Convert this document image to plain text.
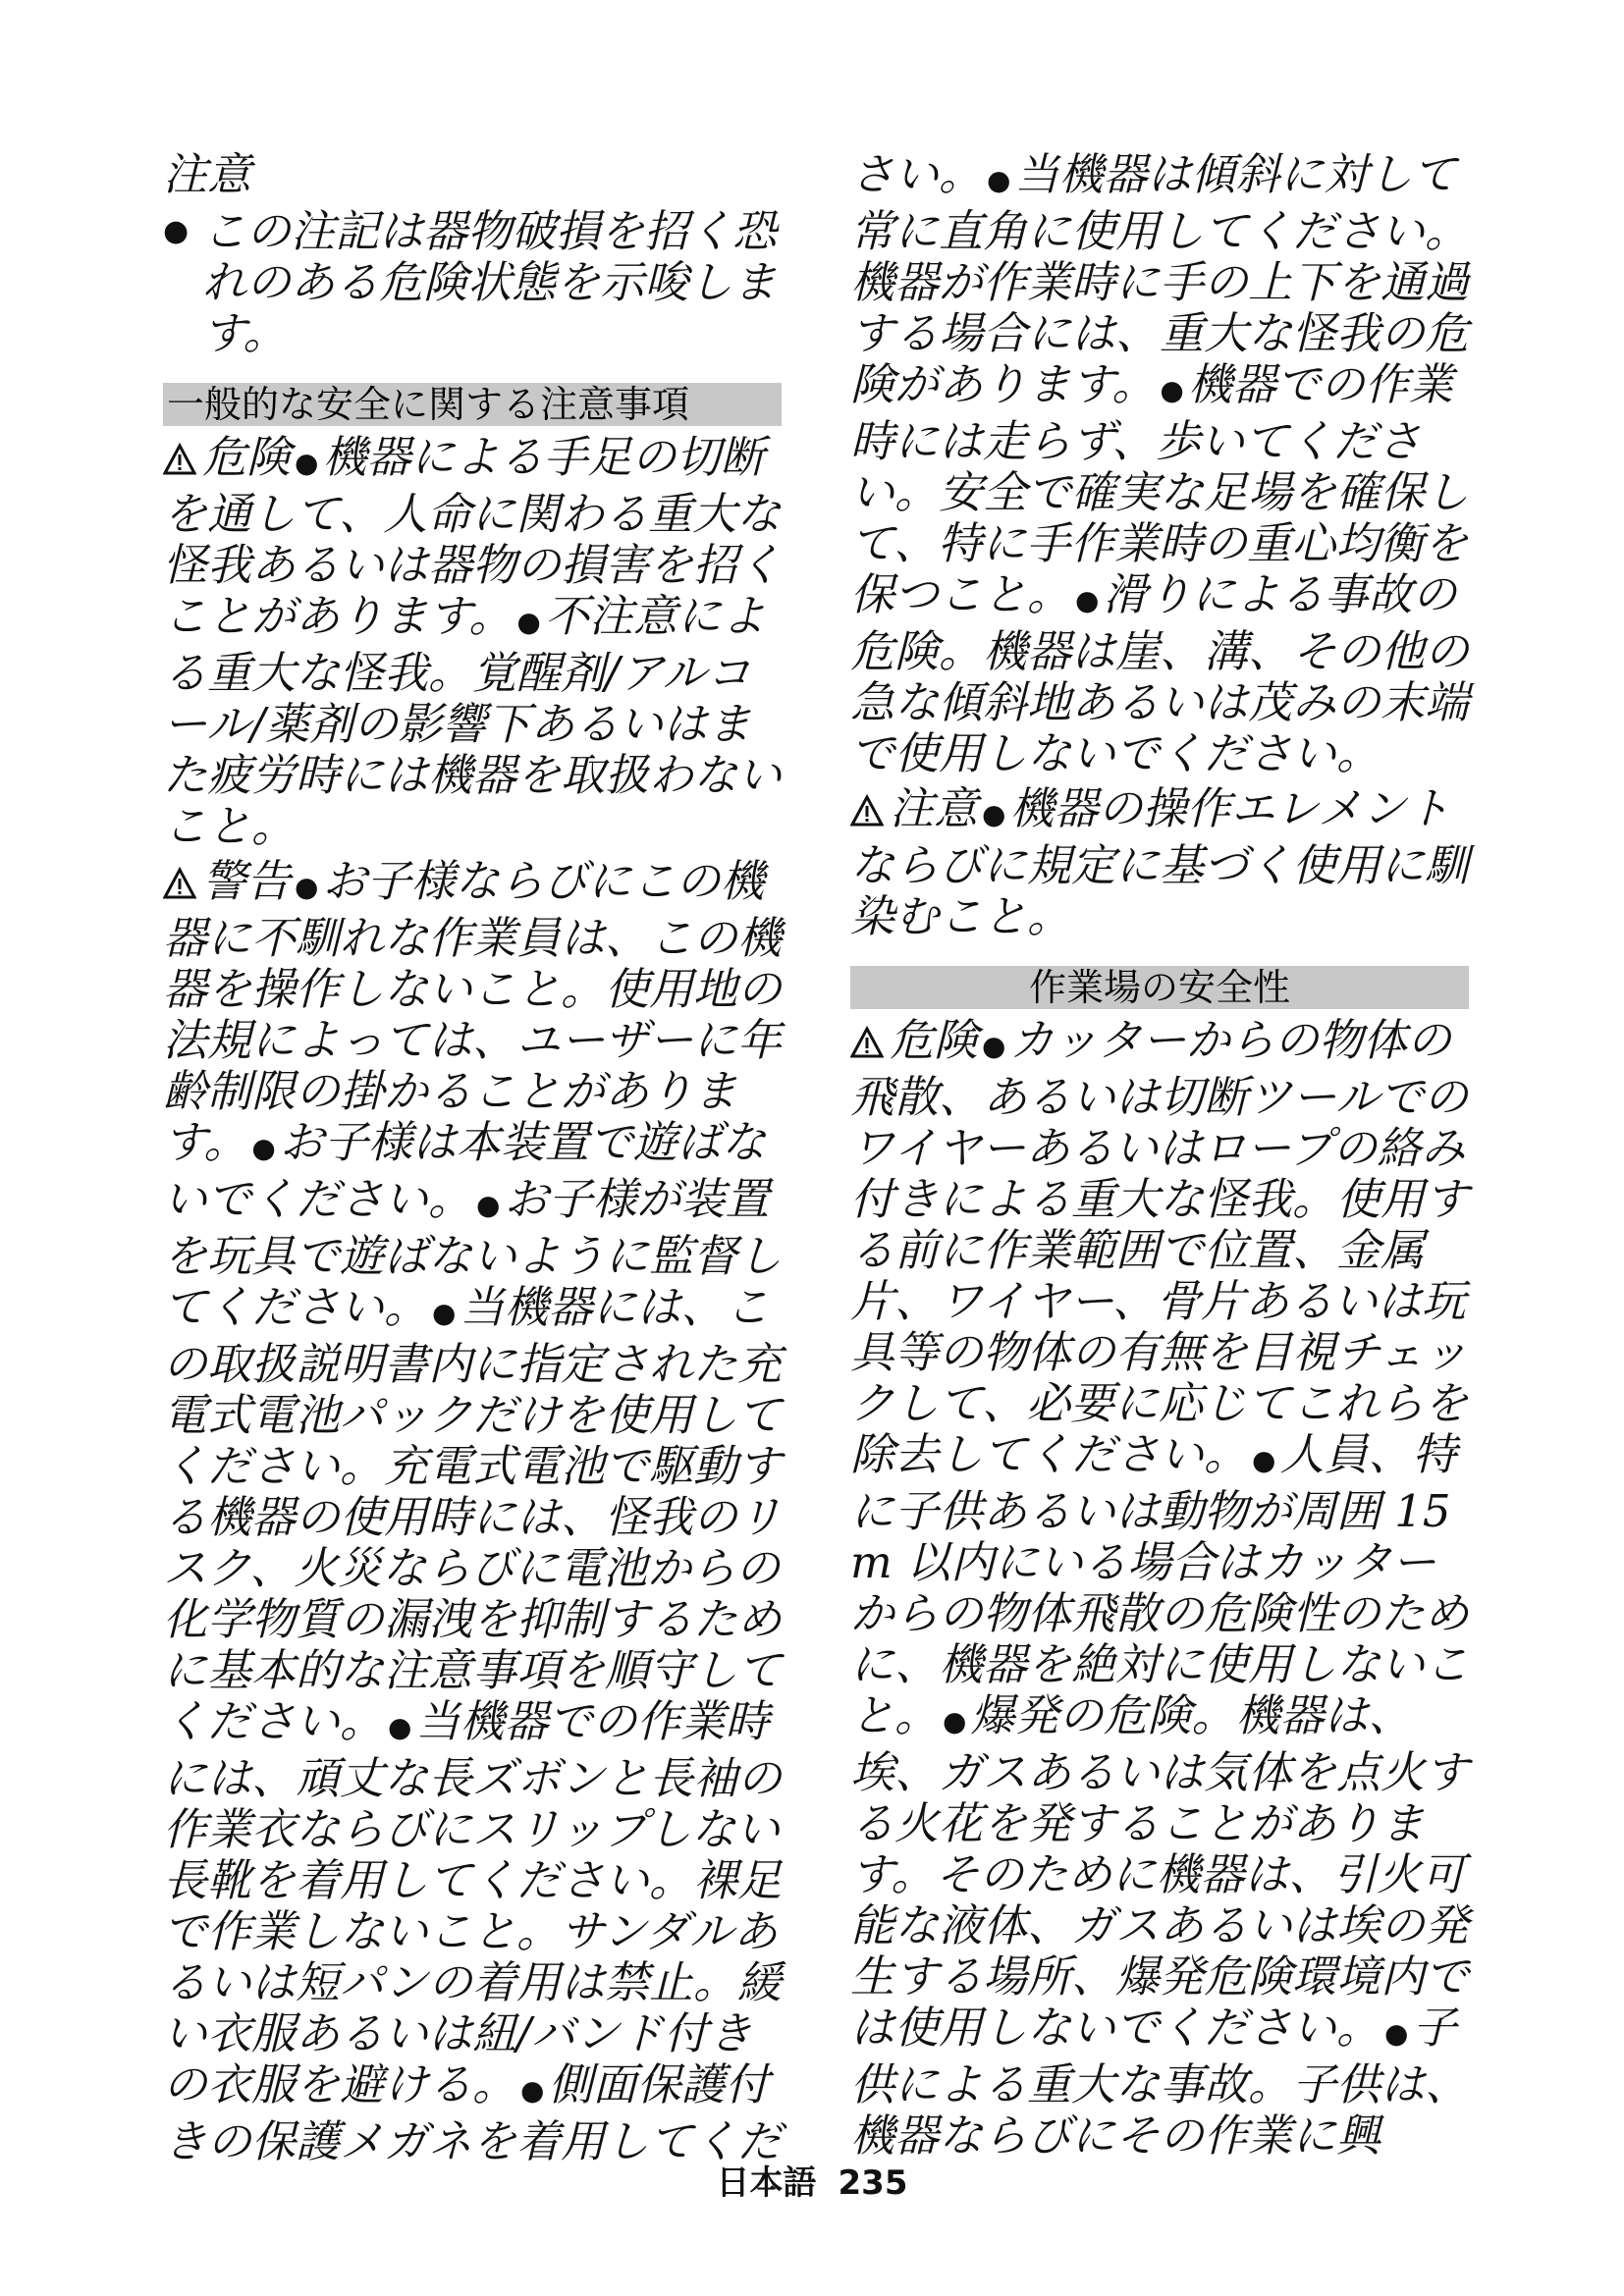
注意

● この注記は器物破損を招く恐れのある危険状態を示唆します。
一般的な安全に関する注意事項

危険 ●機器による手足の切断を通して、人命に関わる重大な怪我あるいは器物の損害を招くことがあります。 ●不注意による重大な怪我。覚醒剤/アルコール/薬剤の影響下あるいはまた疲労時には機器を取扱わないこと。

警告 ●お子様ならびにこの機器に不馴れな作業員は、この機器を操作しないこと。使用地の法規によっては、ユーザーに年齢制限の掛かることがあります。 ●お子様は本装置で遊ばないでください。 ●お子様が装置を玩具で遊ばないように監督してください。 ●当機器には、この取扱説明書内に指定された充電式電池パックだけを使用してください。充電式電池で駆動する機器の使用時には、怪我のリスク、火災ならびに電池からの化学物質の漏洩を抑制するために基本的な注意事項を順守してください。 ●当機器での作業時には、頑丈な長ズボンと長袖の作業衣ならびにスリップしない長靴を着用してください。裸足で作業しないこと。サンダルあるいは短パンの着用は禁止。緩い衣服あるいは紐/バンド付きの衣服を避ける。 ●側面保護付きの保護メガネを着用してくだ

さい。 ●当機器は傾斜に対して常に直角に使用してください。機器が作業時に手の上下を通過する場合には、重大な怪我の危険があります。 ●機器での作業時には走らず、歩いてください。安全で確実な足場を確保して、特に手作業時の重心均衡を保つこと。 ●滑りによる事故の危険。機器は崖、溝、その他の急な傾斜地あるいは茂みの末端で使用しないでください。

注意 ●機器の操作エレメントならびに規定に基づく使用に馴染むこと。

作業場の安全性

危険 ●カッターからの物体の飛散、あるいは切断ツールでのワイヤーあるいはロープの絡み付きによる重大な怪我。使用する前に作業範囲で位置、金属片、ワイヤー、骨片あるいは玩具等の物体の有無を目視チェックして、必要に応じてこれらを除去してください。 ●人員、特に子供あるいは動物が周囲 15 m 以内にいる場合はカッターからの物体飛散の危険性のために、機器を絶対に使用しないこと。 ●爆発の危険。機器は、埃、ガスあるいは気体を点火する火花を発することがあります。そのために機器は、引火可能な液体、ガスあるいは埃の発生する場所、爆発危険環境内では使用しないでください。 ●子供による重大な事故。子供は、機器ならびにその作業に興

日本語 235
